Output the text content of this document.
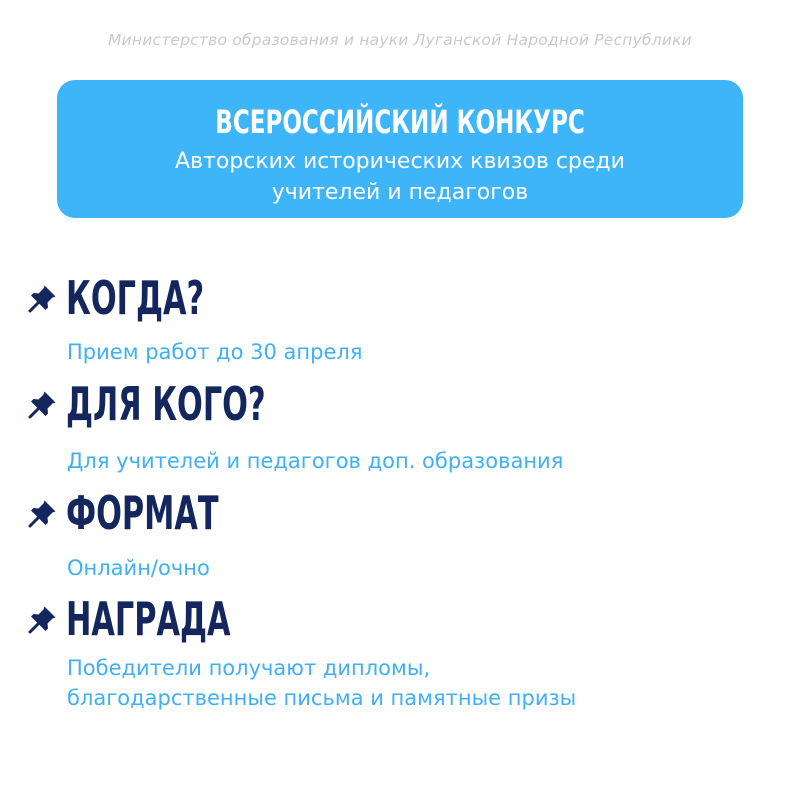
Министерство образования и науки Луганской Народной Республики
ВСЕРОССИЙСКИЙ КОНКУРС
Авторских исторических квизов среди
учителей и педагогов
КОГДА?
Прием работ до 30 апреля
ДЛЯ КОГО?
Для учителей и педагогов доп. образования
ФОРМАТ
Онлайн/очно
НАГРАДА
Победители получают дипломы,
благодарственные письма и памятные призы
